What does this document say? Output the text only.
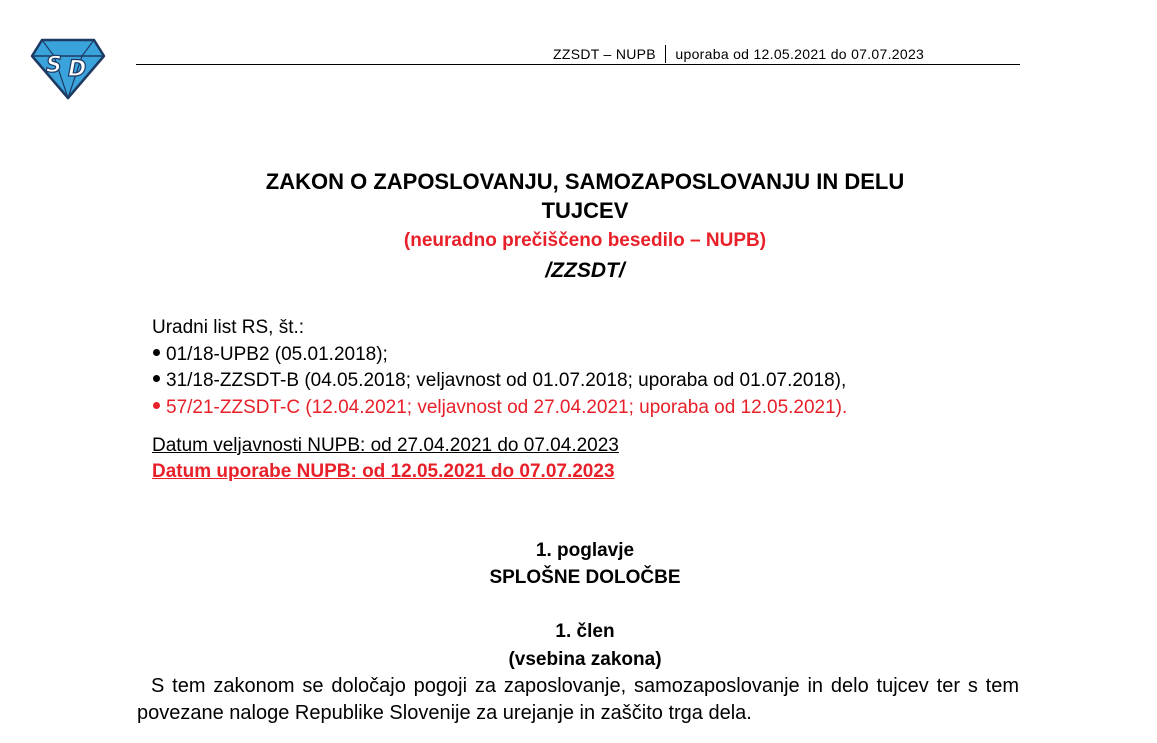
S D
ZZSDT – NUPB uporaba od 12.05.2021 do 07.07.2023
ZAKON O ZAPOSLOVANJU, SAMOZAPOSLOVANJU IN DELU
TUJCEV
(neuradno prečiščeno besedilo – NUPB)
/ZZSDT/
Uradni list RS, št.:
01/18-UPB2 (05.01.2018);
31/18-ZZSDT-B (04.05.2018; veljavnost od 01.07.2018; uporaba od 01.07.2018),
57/21-ZZSDT-C (12.04.2021; veljavnost od 27.04.2021; uporaba od 12.05.2021).
Datum veljavnosti NUPB: od 27.04.2021 do 07.04.2023
Datum uporabe NUPB: od 12.05.2021 do 07.07.2023
1. poglavje
SPLOŠNE DOLOČBE
1. člen
(vsebina zakona)
S tem zakonom se določajo pogoji za zaposlovanje, samozaposlovanje in delo tujcev ter s tem povezane naloge Republike Slovenije za urejanje in zaščito trga dela.
